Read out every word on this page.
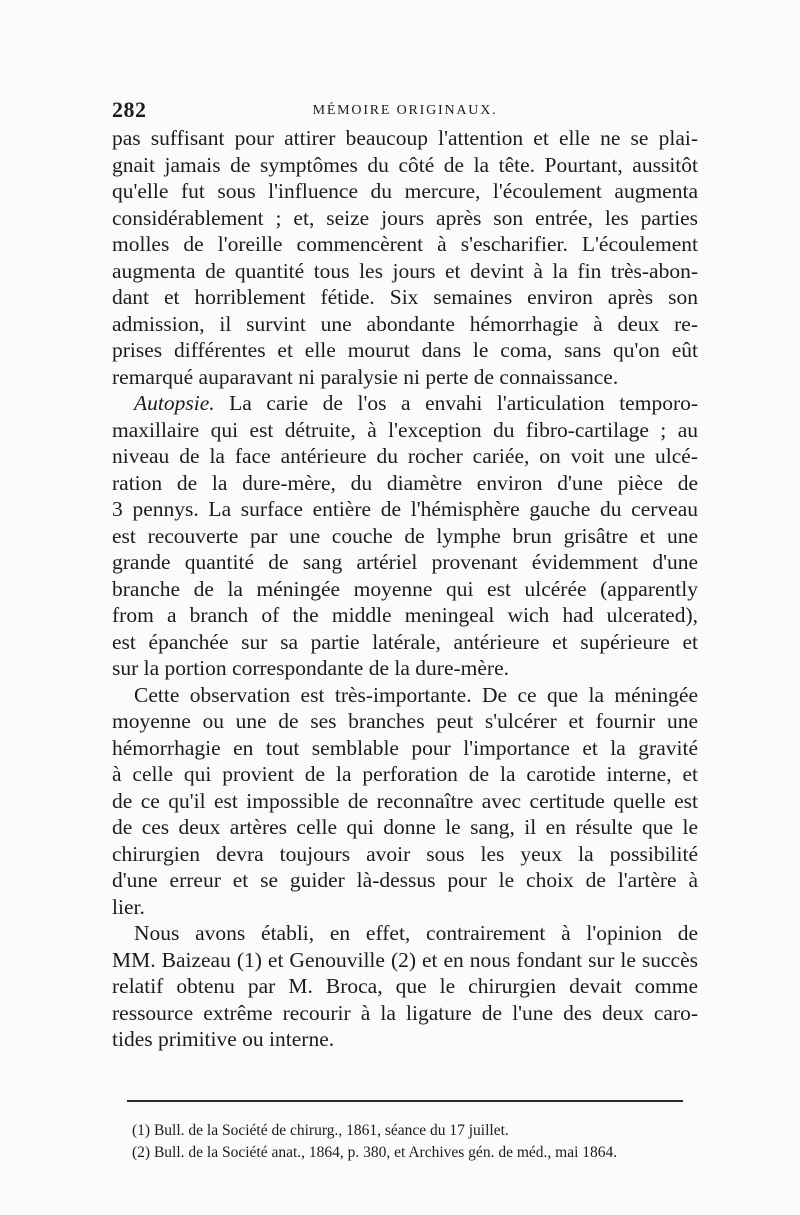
282	MÉMOIRE ORIGINAUX.
pas suffisant pour attirer beaucoup l'attention et elle ne se plai-
gnait jamais de symptômes du côté de la tête. Pourtant, aussitôt
qu'elle fut sous l'influence du mercure, l'écoulement augmenta
considérablement ; et, seize jours après son entrée, les parties
molles de l'oreille commencèrent à s'escharifier. L'écoulement
augmenta de quantité tous les jours et devint à la fin très-abon-
dant et horriblement fétide. Six semaines environ après son
admission, il survint une abondante hémorrhagie à deux re-
prises différentes et elle mourut dans le coma, sans qu'on eût
remarqué auparavant ni paralysie ni perte de connaissance.
Autopsie. La carie de l'os a envahi l'articulation temporo-
maxillaire qui est détruite, à l'exception du fibro-cartilage ; au
niveau de la face antérieure du rocher cariée, on voit une ulcé-
ration de la dure-mère, du diamètre environ d'une pièce de
3 pennys. La surface entière de l'hémisphère gauche du cerveau
est recouverte par une couche de lymphe brun grisâtre et une
grande quantité de sang artériel provenant évidemment d'une
branche de la méningée moyenne qui est ulcérée (apparently
from a branch of the middle meningeal wich had ulcerated),
est épanchée sur sa partie latérale, antérieure et supérieure et
sur la portion correspondante de la dure-mère.
Cette observation est très-importante. De ce que la méningée
moyenne ou une de ses branches peut s'ulcérer et fournir une
hémorrhagie en tout semblable pour l'importance et la gravité
à celle qui provient de la perforation de la carotide interne, et
de ce qu'il est impossible de reconnaître avec certitude quelle est
de ces deux artères celle qui donne le sang, il en résulte que le
chirurgien devra toujours avoir sous les yeux la possibilité
d'une erreur et se guider là-dessus pour le choix de l'artère à
lier.
Nous avons établi, en effet, contrairement à l'opinion de
MM. Baizeau (1) et Genouville (2) et en nous fondant sur le succès
relatif obtenu par M. Broca, que le chirurgien devait comme
ressource extrême recourir à la ligature de l'une des deux caro-
tides primitive ou interne.
(1) Bull. de la Société de chirurg., 1861, séance du 17 juillet.
(2) Bull. de la Société anat., 1864, p. 380, et Archives gén. de méd., mai 1864.
